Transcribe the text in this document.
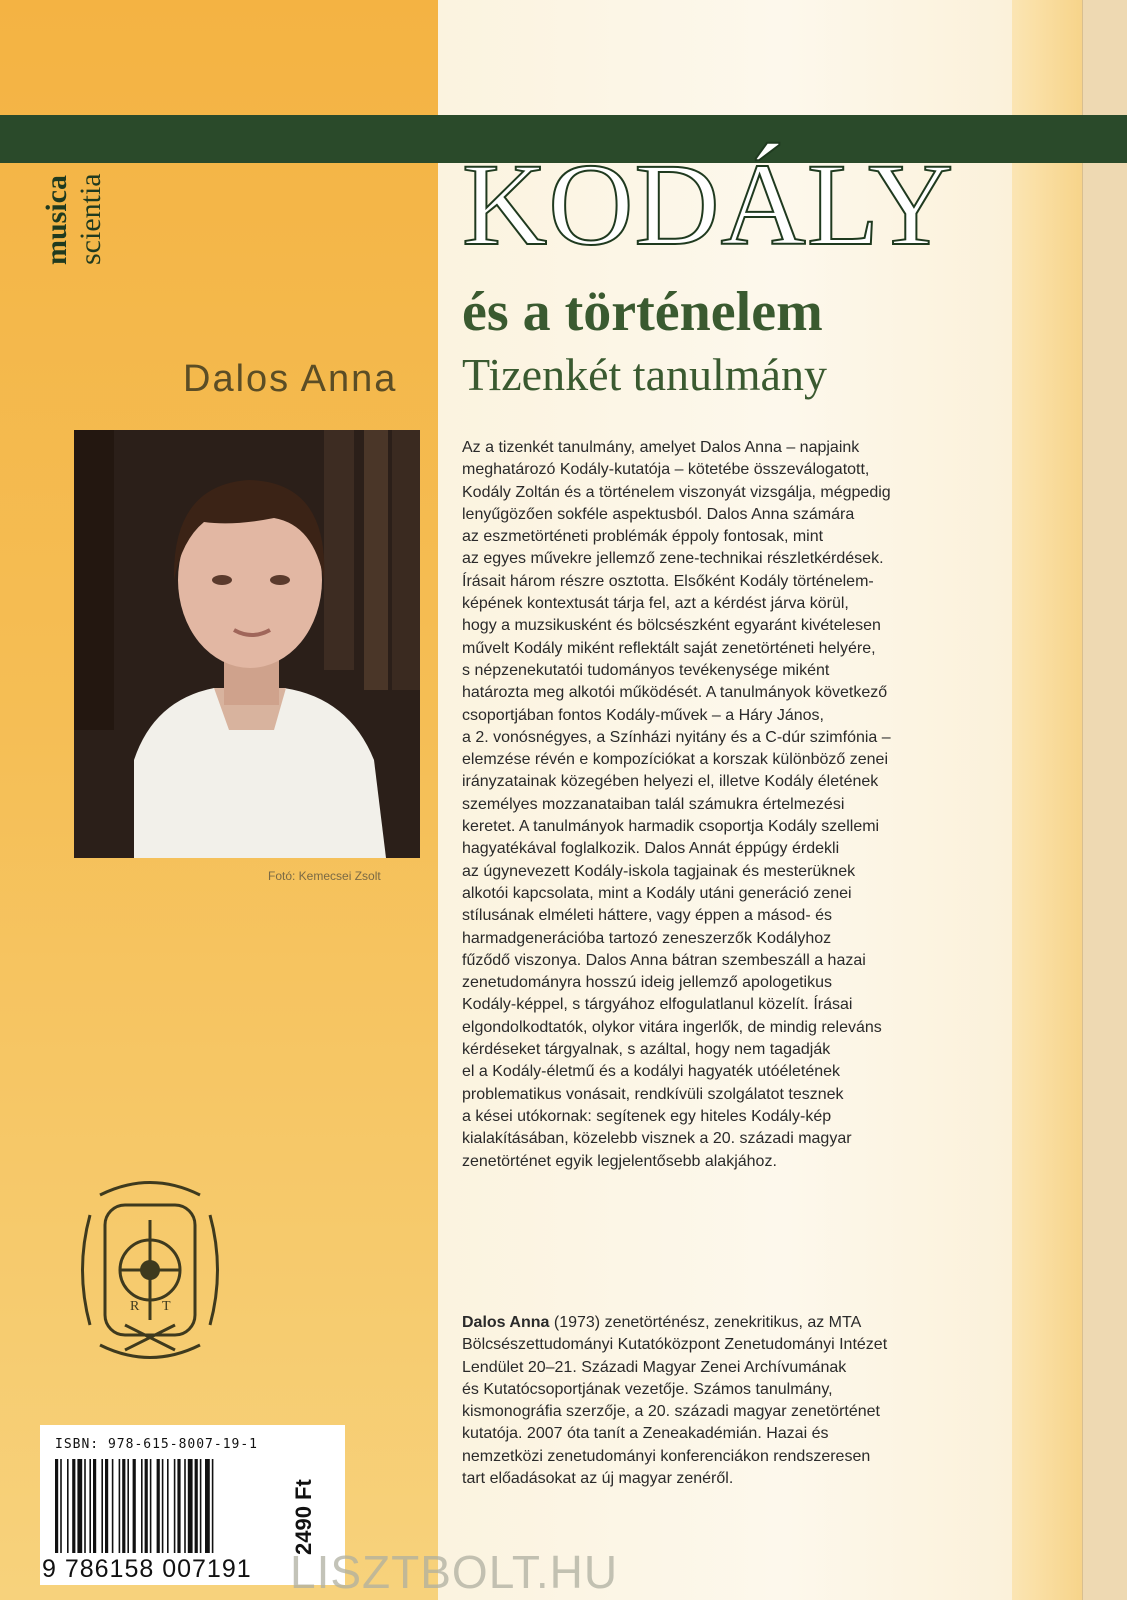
musica scientia	KODÁLY
és a történelem
Tizenkét tanulmány

Dalos Anna

Fotó: Kemecsei Zsolt

Az a tizenkét tanulmány, amelyet Dalos Anna – napjaink
meghatározó Kodály-kutatója – kötetébe összeválogatott,
Kodály Zoltán és a történelem viszonyát vizsgálja, mégpedig
lenyűgözően sokféle aspektusból. Dalos Anna számára
az eszmetörténeti problémák éppoly fontosak, mint
az egyes művekre jellemző zene-technikai részletkérdések.
Írásait három részre osztotta. Elsőként Kodály történelem-
képének kontextusát tárja fel, azt a kérdést járva körül,
hogy a muzsikusként és bölcsészként egyaránt kivételesen
művelt Kodály miként reflektált saját zenetörténeti helyére,
s népzenekutatói tudományos tevékenysége miként
határozta meg alkotói működését. A tanulmányok következő
csoportjában fontos Kodály-művek – a Háry János,
a 2. vonósnégyes, a Színházi nyitány és a C-dúr szimfónia –
elemzése révén e kompozíciókat a korszak különböző zenei
irányzatainak közegében helyezi el, illetve Kodály életének
személyes mozzanataiban talál számukra értelmezési
keretet. A tanulmányok harmadik csoportja Kodály szellemi
hagyatékával foglalkozik. Dalos Annát éppúgy érdekli
az úgynevezett Kodály-iskola tagjainak és mesterüknek
alkotói kapcsolata, mint a Kodály utáni generáció zenei
stílusának elméleti háttere, vagy éppen a másod- és
harmadgenerációba tartozó zeneszerzők Kodályhoz
fűződő viszonya. Dalos Anna bátran szembeszáll a hazai
zenetudományra hosszú ideig jellemző apologetikus
Kodály-képpel, s tárgyához elfogulatlanul közelít. Írásai
elgondolkodtatók, olykor vitára ingerlők, de mindig releváns
kérdéseket tárgyalnak, s azáltal, hogy nem tagadják
el a Kodály-életmű és a kodályi hagyaték utóéletének
problematikus vonásait, rendkívüli szolgálatot tesznek
a kései utókornak: segítenek egy hiteles Kodály-kép
kialakításában, közelebb visznek a 20. századi magyar
zenetörténet egyik legjelentősebb alakjához.
Dalos Anna (1973) zenetörténész, zenekritikus, az MTA
Bölcsészettudományi Kutatóközpont Zenetudományi Intézet
Lendület 20–21. Századi Magyar Zenei Archívumának
és Kutatócsoportjának vezetője. Számos tanulmány,
kismonográfia szerzője, a 20. századi magyar zenetörténet
kutatója. 2007 óta tanít a Zeneakadémián. Hazai és
nemzetközi zenetudományi konferenciákon rendszeresen
tart előadásokat az új magyar zenéről.
R T

ISBN: 978-615-8007-19-1

9 786158 007191

2490 Ft

LISZTBOLT.HU
